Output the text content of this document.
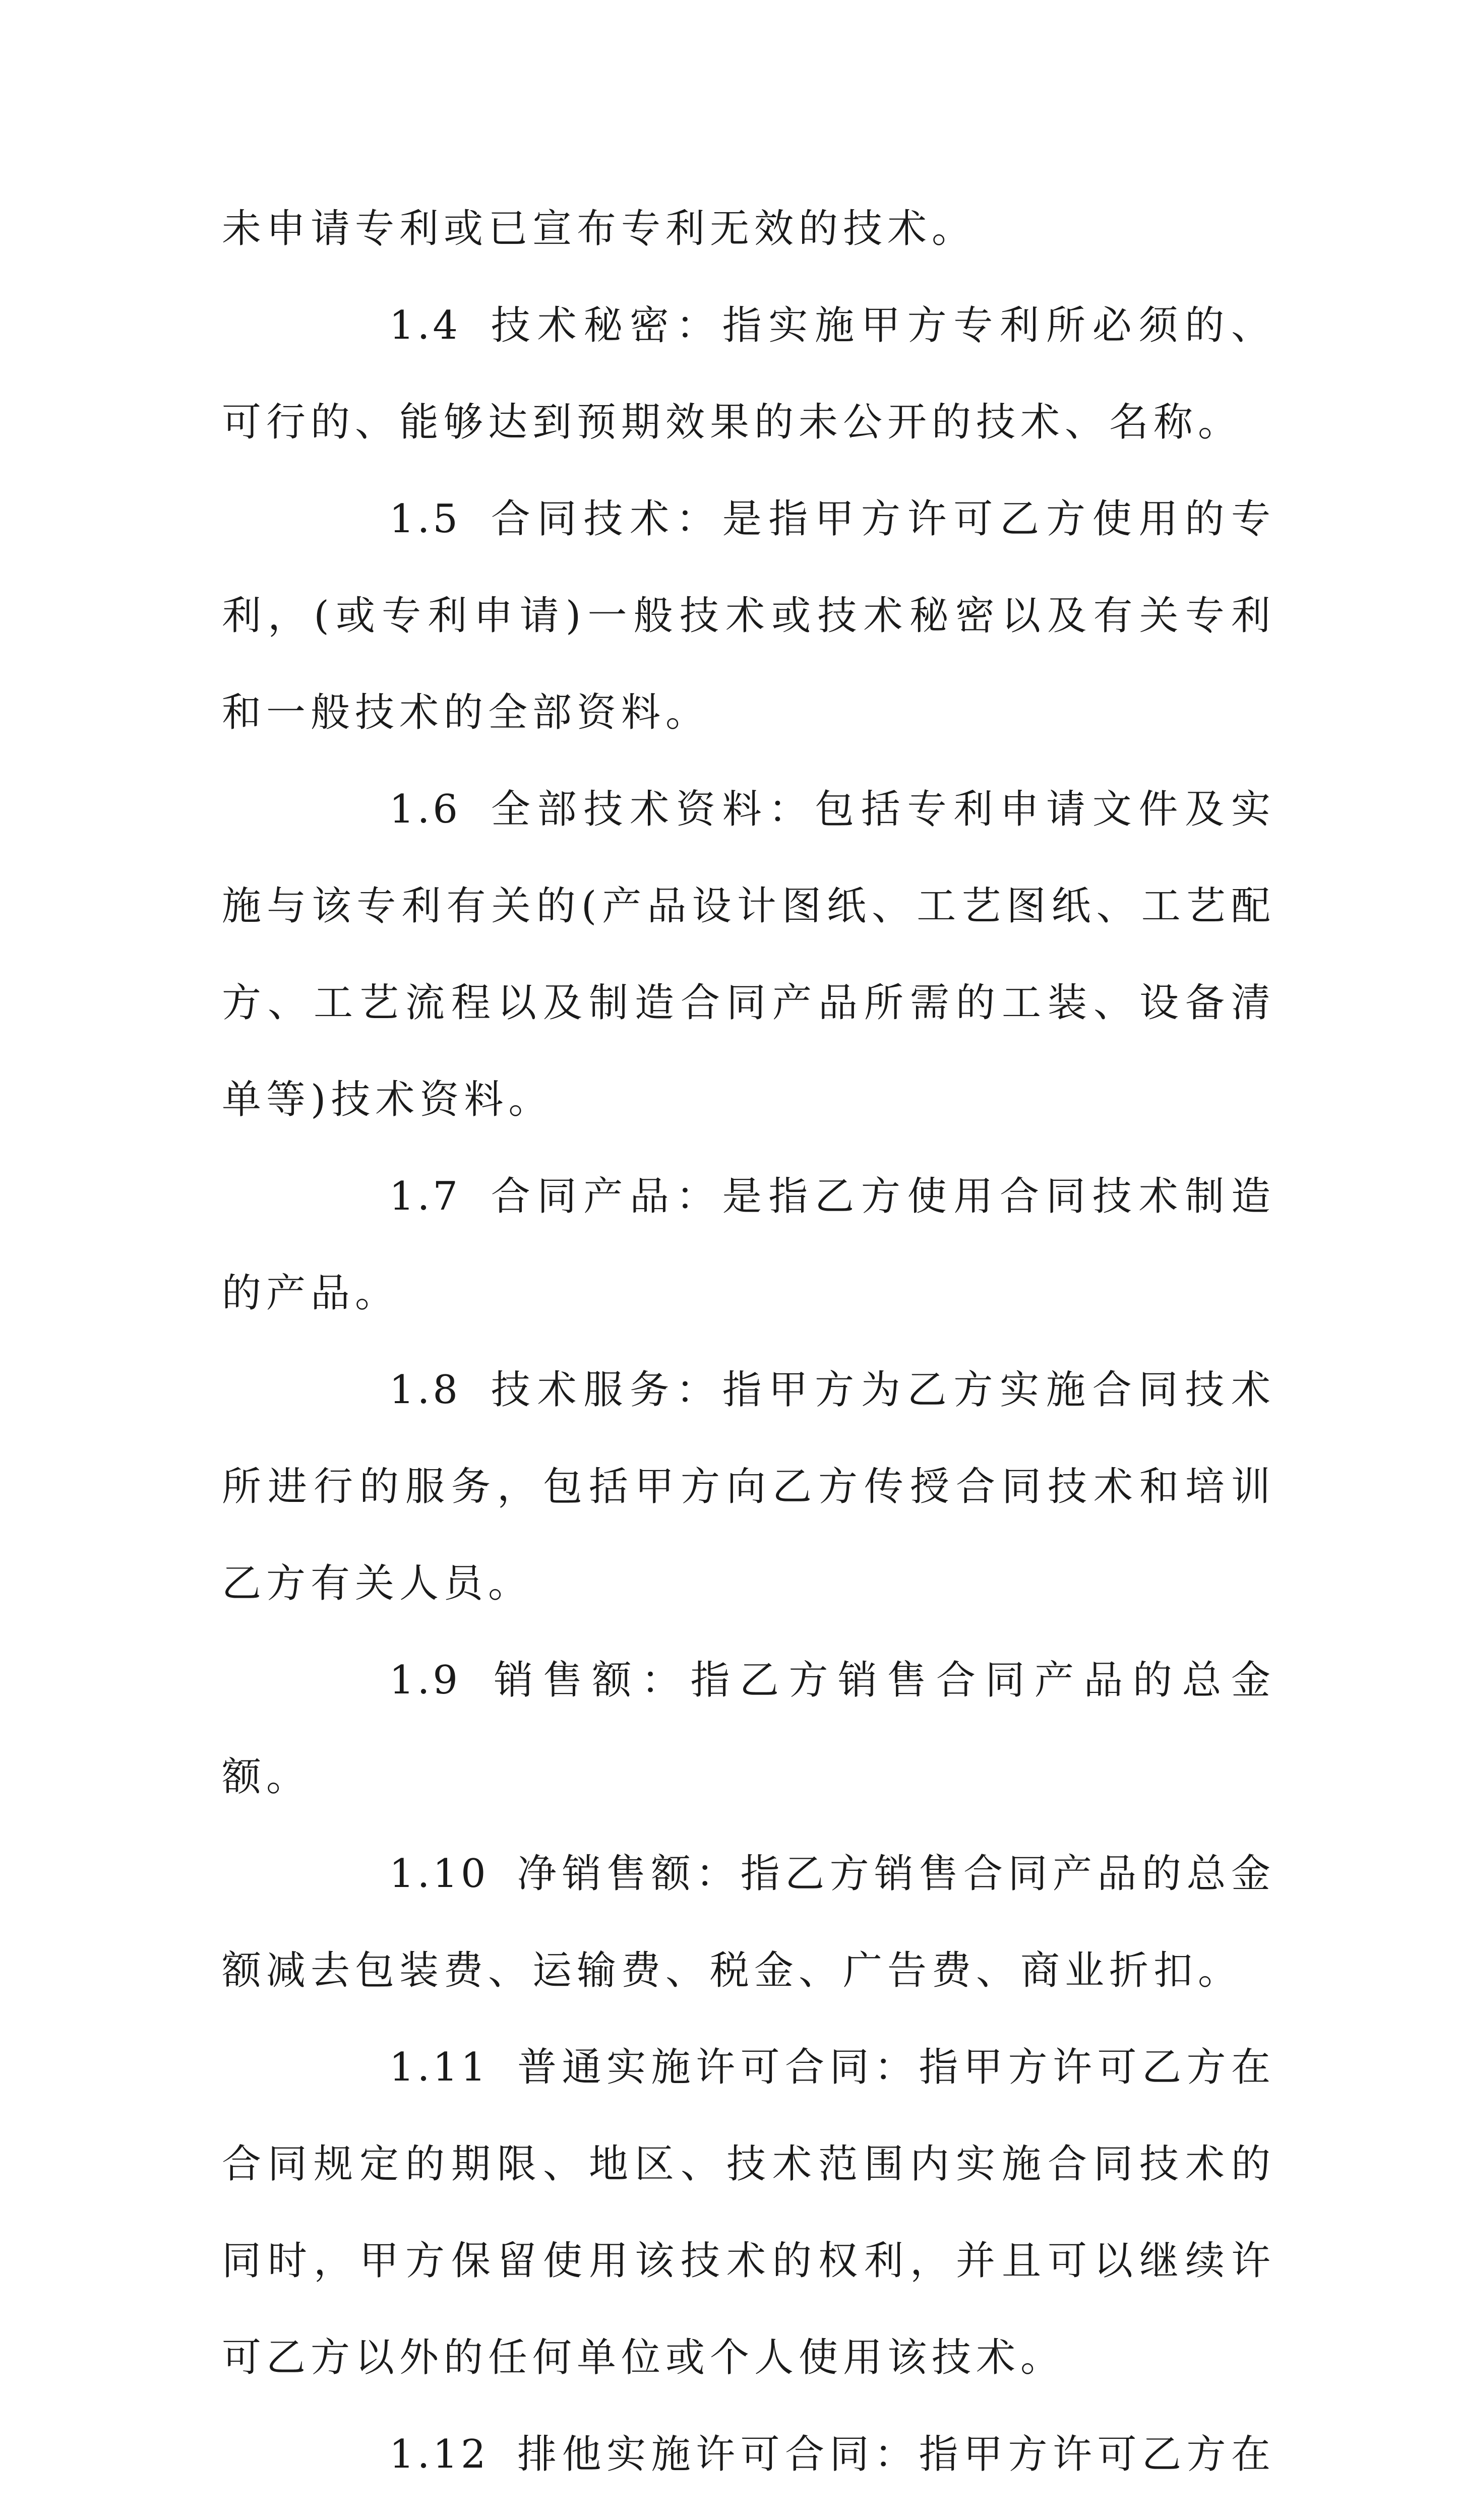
未申请专利或已宣布专利无效的技术。

1.4 技术秘密：指实施甲方专利所必须的、可行的、能够达到预期效果的未公开的技术、名称。

1.5 合同技术：是指甲方许可乙方使用的专利，(或专利申请)一般技术或技术秘密以及有关专利和一般技术的全部资料。

1.6 全部技术资料：包括专利申请文件及实施与该专利有关的(产品设计图纸、工艺图纸、工艺配方、工艺流程以及制造合同产品所需的工装、设备清单等)技术资料。

1.7 合同产品：是指乙方使用合同技术制造的产品。

1.8 技术服务：指甲方为乙方实施合同技术所进行的服务，包括甲方向乙方传授合同技术和培训乙方有关人员。

1.9 销售额：指乙方销售合同产品的总金额。

1.10 净销售额：指乙方销售合同产品的总金额减去包装费、运输费、税金、广告费、商业折扣。

1.11 普通实施许可合同：指甲方许可乙方在合同规定的期限、地区、技术范围内实施合同技术的同时，甲方保留使用该技术的权利，并且可以继续许可乙方以外的任何单位或个人使用该技术。

1.12 排他实施许可合同：指甲方许可乙方在
